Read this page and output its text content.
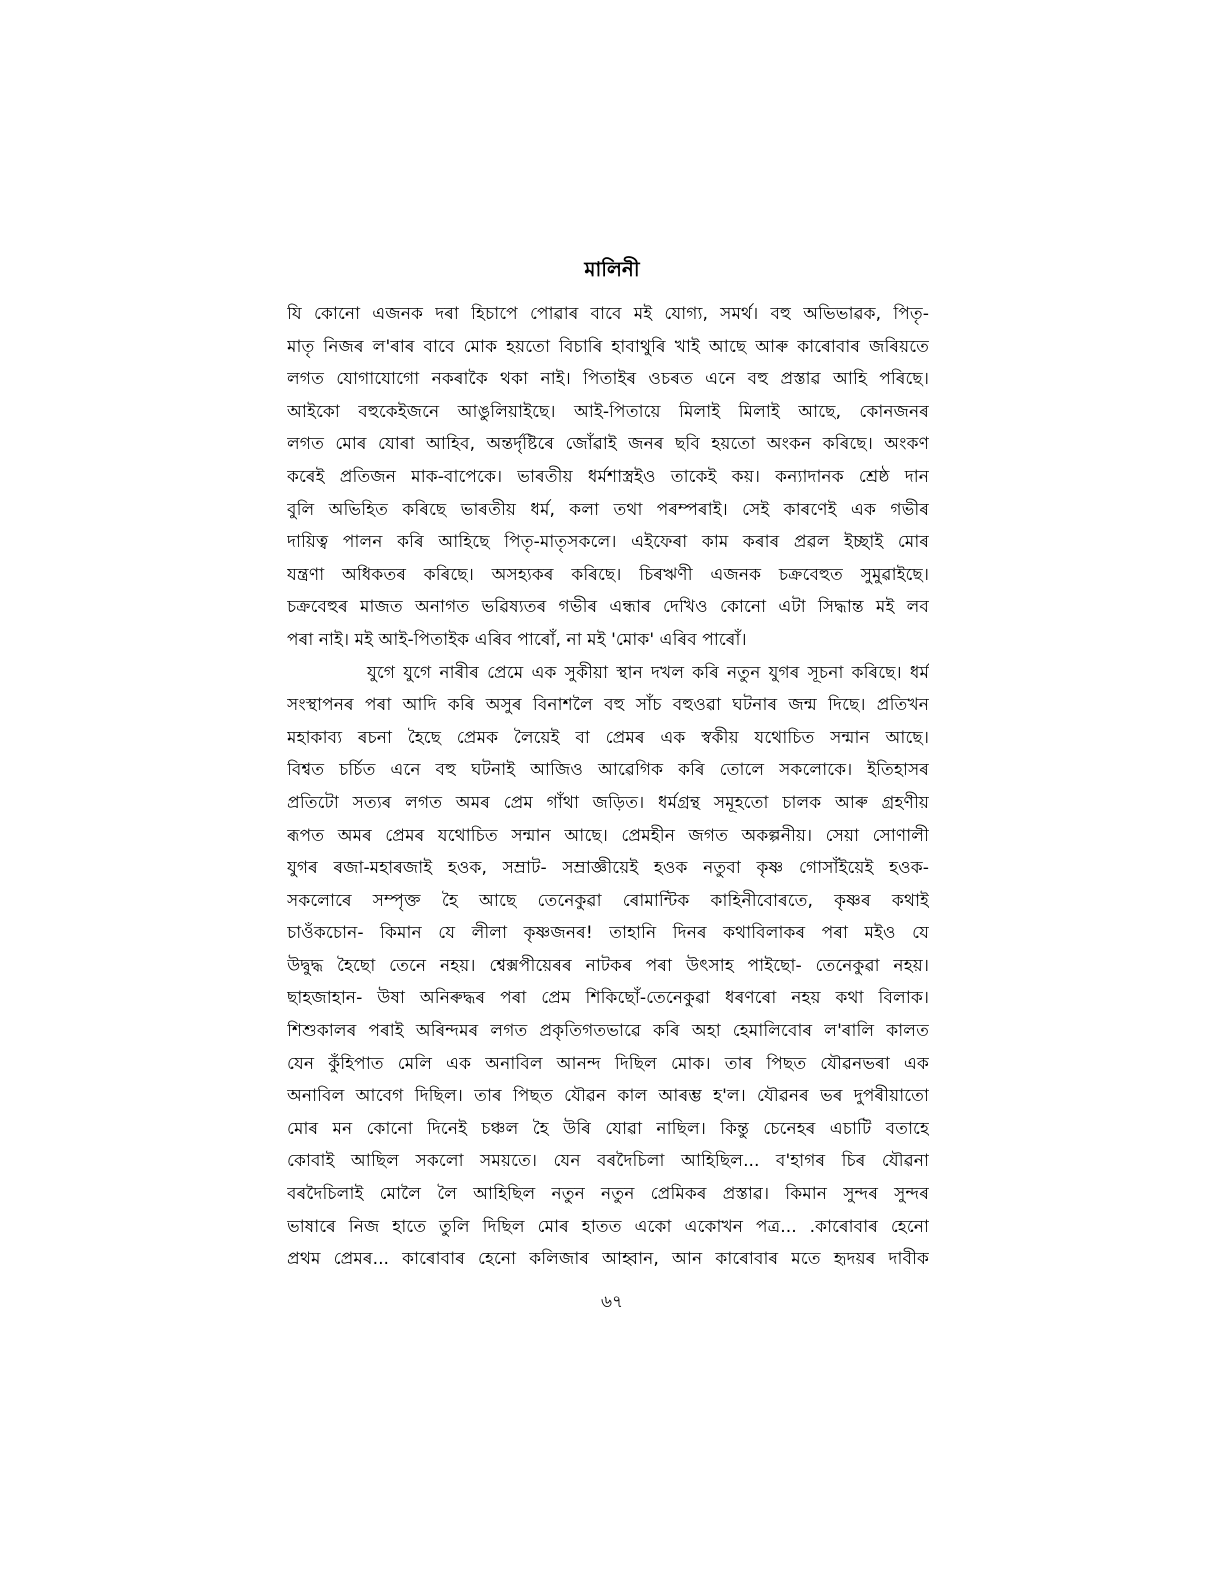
মালিনী
যি কোনো এজনক দৰা হিচাপে পোৱাৰ বাবে মই যোগ্য, সমৰ্থ। বহু অভিভাৱক, পিতৃ-
মাতৃ নিজৰ ল'ৰাৰ বাবে মোক হয়তো বিচাৰি হাবাথুৰি খাই আছে আৰু কাৰোবাৰ জৰিয়তে
লগত যোগাযোগো নকৰাকৈ থকা নাই। পিতাইৰ ওচৰত এনে বহু প্ৰস্তাৱ আহি পৰিছে।
আইকো বহুকেইজনে আঙুলিয়াইছে। আই-পিতায়ে মিলাই মিলাই আছে, কোনজনৰ
লগত মোৰ যোৰা আহিব, অন্তৰ্দৃষ্টিৰে জোঁৱাই জনৰ ছবি হয়তো অংকন কৰিছে। অংকণ
কৰেই প্ৰতিজন মাক-বাপেকে। ভাৰতীয় ধৰ্মশাস্ত্ৰইও তাকেই কয়। কন্যাদানক শ্ৰেষ্ঠ দান
বুলি অভিহিত কৰিছে ভাৰতীয় ধৰ্ম, কলা তথা পৰম্পৰাই। সেই কাৰণেই এক গভীৰ
দায়িত্ব পালন কৰি আহিছে পিতৃ-মাতৃসকলে। এইফেৰা কাম কৰাৰ প্ৰৱল ইচ্ছাই মোৰ
যন্ত্ৰণা অধিকতৰ কৰিছে। অসহ্যকৰ কৰিছে। চিৰঋণী এজনক চক্ৰবেহুত সুমুৱাইছে।
চক্ৰবেহুৰ মাজত অনাগত ভৱিষ্যতৰ গভীৰ এন্ধাৰ দেখিও কোনো এটা সিদ্ধান্ত মই লব
পৰা নাই। মই আই-পিতাইক এৰিব পাৰোঁ, না মই 'মোক' এৰিব পাৰোঁ।
যুগে যুগে নাৰীৰ প্ৰেমে এক সুকীয়া স্থান দখল কৰি নতুন যুগৰ সূচনা কৰিছে। ধৰ্ম
সংস্থাপনৰ পৰা আদি কৰি অসুৰ বিনাশলৈ বহু সাঁচ বহুওৱা ঘটনাৰ জন্ম দিছে। প্ৰতিখন
মহাকাব্য ৰচনা হৈছে প্ৰেমক লৈয়েই বা প্ৰেমৰ এক স্বকীয় যথোচিত সন্মান আছে।
বিশ্বত চৰ্চিত এনে বহু ঘটনাই আজিও আৱেগিক কৰি তোলে সকলোকে। ইতিহাসৰ
প্ৰতিটো সত্যৰ লগত অমৰ প্ৰেম গাঁথা জড়িত। ধৰ্মগ্ৰন্থ সমূহতো চালক আৰু গ্ৰহণীয়
ৰূপত অমৰ প্ৰেমৰ যথোচিত সন্মান আছে। প্ৰেমহীন জগত অকল্পনীয়। সেয়া সোণালী
যুগৰ ৰজা-মহাৰজাই হওক, সম্ৰাট- সম্ৰাজ্ঞীয়েই হওক নতুবা কৃষ্ণ গোসাঁইয়েই হওক-
সকলোৰে সম্পৃক্ত হৈ আছে তেনেকুৱা ৰোমান্টিক কাহিনীবোৰতে, কৃষ্ণৰ কথাই
চাওঁকচোন- কিমান যে লীলা কৃষ্ণজনৰ! তাহানি দিনৰ কথাবিলাকৰ পৰা মইও যে
উদ্বুদ্ধ হৈছো তেনে নহয়। শ্বেক্সপীয়েৰৰ নাটকৰ পৰা উৎসাহ পাইছো- তেনেকুৱা নহয়।
ছাহজাহান- উষা অনিৰুদ্ধৰ পৰা প্ৰেম শিকিছোঁ-তেনেকুৱা ধৰণৰো নহয় কথা বিলাক।
শিশুকালৰ পৰাই অৰিন্দমৰ লগত প্ৰকৃতিগতভাৱে কৰি অহা হেমালিবোৰ ল'ৰালি কালত
যেন কুঁহিপাত মেলি এক অনাবিল আনন্দ দিছিল মোক। তাৰ পিছত যৌৱনভৰা এক
অনাবিল আবেগ দিছিল। তাৰ পিছত যৌৱন কাল আৰম্ভ হ'ল। যৌৱনৰ ভৰ দুপৰীয়াতো
মোৰ মন কোনো দিনেই চঞ্চল হৈ উৰি যোৱা নাছিল। কিন্তু চেনেহৰ এচাটি বতাহে
কোবাই আছিল সকলো সময়তে। যেন বৰদৈচিলা আহিছিল... ব'হাগৰ চিৰ যৌৱনা
বৰদৈচিলাই মোলৈ লৈ আহিছিল নতুন নতুন প্ৰেমিকৰ প্ৰস্তাৱ। কিমান সুন্দৰ সুন্দৰ
ভাষাৰে নিজ হাতে তুলি দিছিল মোৰ হাতত একো একোখন পত্ৰ... .কাৰোবাৰ হেনো
প্ৰথম প্ৰেমৰ... কাৰোবাৰ হেনো কলিজাৰ আহ্বান, আন কাৰোবাৰ মতে হৃদয়ৰ দাবীক
৬৭
